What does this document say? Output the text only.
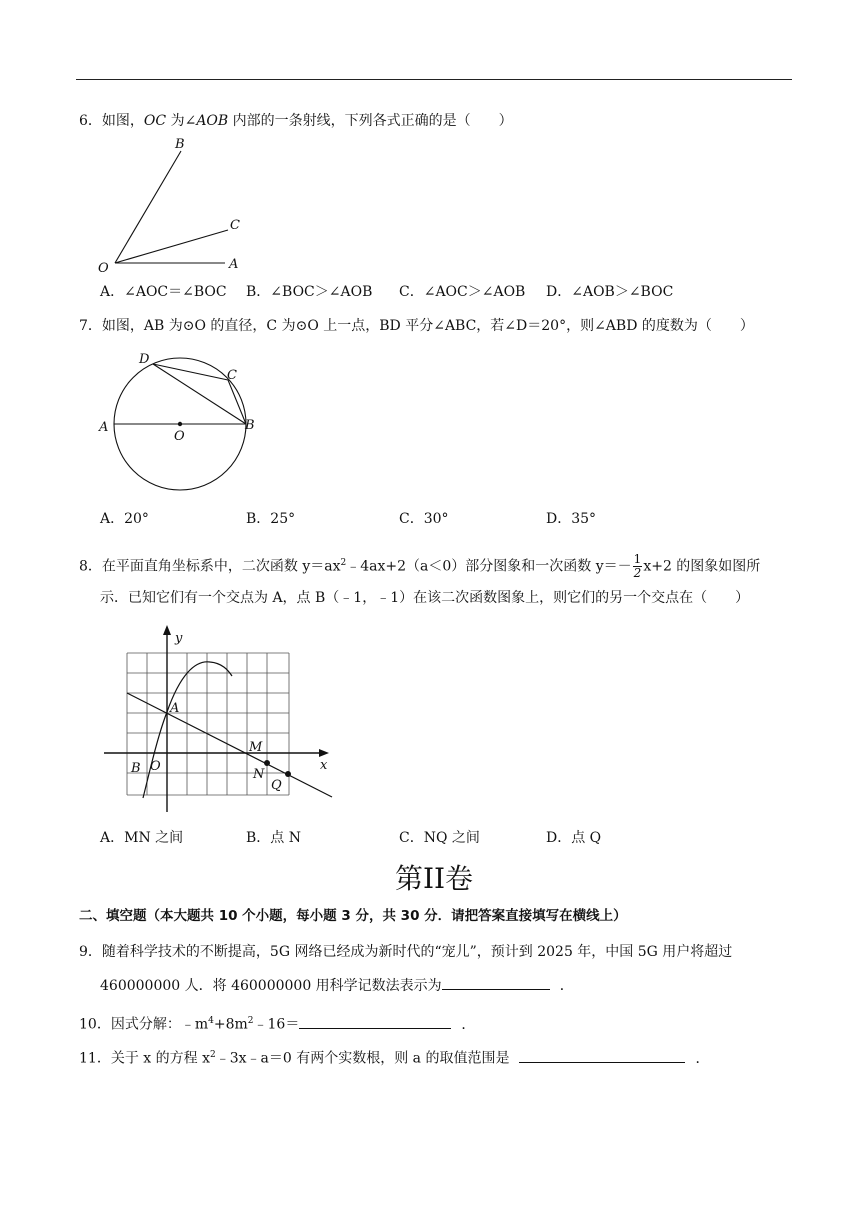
6．如图，OC 为∠AOB 内部的一条射线，下列各式正确的是（　　）
B
C
O	A
A．∠AOC＝∠BOC B．∠BOC＞∠AOB C．∠AOC＞∠AOB D．∠AOB＞∠BOC
7．如图，AB 为⊙O 的直径，C 为⊙O 上一点，BD 平分∠ABC，若∠D＝20°，则∠ABD 的度数为（　　）
D
C
A
O
B
A．20°	B．25°	C．30°	D．35°
8．在平面直角坐标系中，二次函数 $y=ax^2﹣4ax+2(a<0)$部分图象和一次函数 $y=- \frac{1}{2} x+2$ 的图象如图所
示．已知它们有一个交点为 A，点 B（﹣1，﹣1）在该二次函数图象上，则它们的另一个交点在（　　）
y
x
A
O
B
M
N
Q
A．MN 之间	B．点 N	C．NQ 之间	D．点 Q
第II卷
二、填空题（本大题共 10 个小题，每小题 3 分，共 30 分．请把答案直接填写在横线上）
9．随着科学技术的不断提高，5G 网络已经成为新时代的“宠儿”，预计到 2025 年，中国 5G 用户将超过
460000000 人．将 460000000 用科学记数法表示为	．
10．因式分解：$﹣m^4+8m^2﹣16=$	．
11．关于 x 的方程 $x^2﹣3x﹣a=0$ 有两个实数根，则 a 的取值范围是	．
